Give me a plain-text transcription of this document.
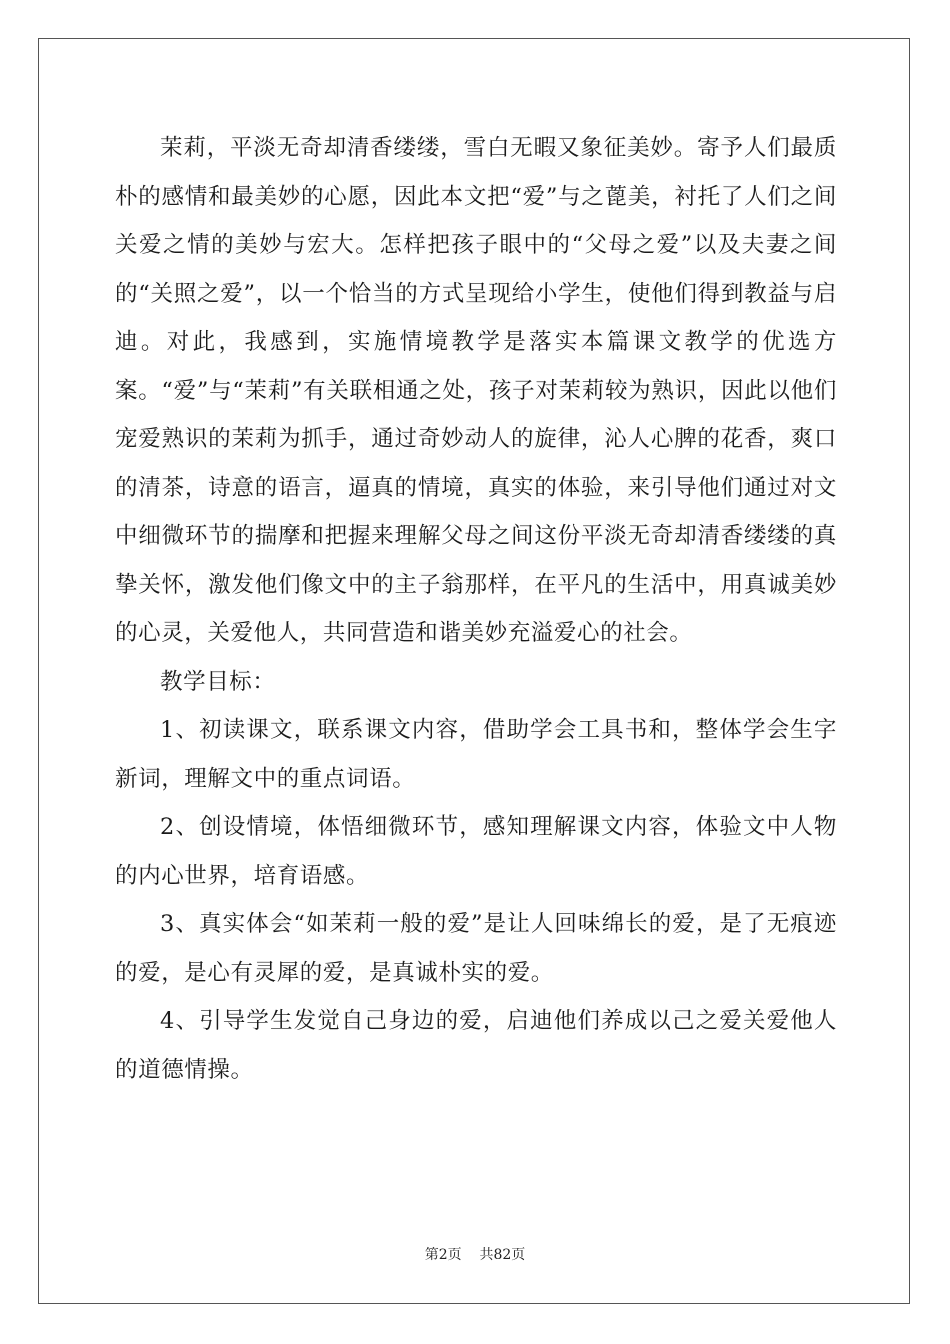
茉莉，平淡无奇却清香缕缕，雪白无暇又象征美妙。寄予人们最质朴的感情和最美妙的心愿，因此本文把“爱”与之蓖美，衬托了人们之间关爱之情的美妙与宏大。怎样把孩子眼中的“父母之爱”以及夫妻之间的“关照之爱”，以一个恰当的方式呈现给小学生，使他们得到教益与启迪。对此，我感到，实施情境教学是落实本篇课文教学的优选方案。“爱”与“茉莉”有关联相通之处，孩子对茉莉较为熟识，因此以他们宠爱熟识的茉莉为抓手，通过奇妙动人的旋律，沁人心脾的花香，爽口的清茶，诗意的语言，逼真的情境，真实的体验，来引导他们通过对文中细微环节的揣摩和把握来理解父母之间这份平淡无奇却清香缕缕的真挚关怀，激发他们像文中的主子翁那样，在平凡的生活中，用真诚美妙的心灵，关爱他人，共同营造和谐美妙充溢爱心的社会。

教学目标：

1、初读课文，联系课文内容，借助学会工具书和，整体学会生字新词，理解文中的重点词语。

2、创设情境，体悟细微环节，感知理解课文内容，体验文中人物的内心世界，培育语感。

3、真实体会“如茉莉一般的爱”是让人回味绵长的爱，是了无痕迹的爱，是心有灵犀的爱，是真诚朴实的爱。

4、引导学生发觉自己身边的爱，启迪他们养成以己之爱关爱他人的道德情操。

第2页 共82页
